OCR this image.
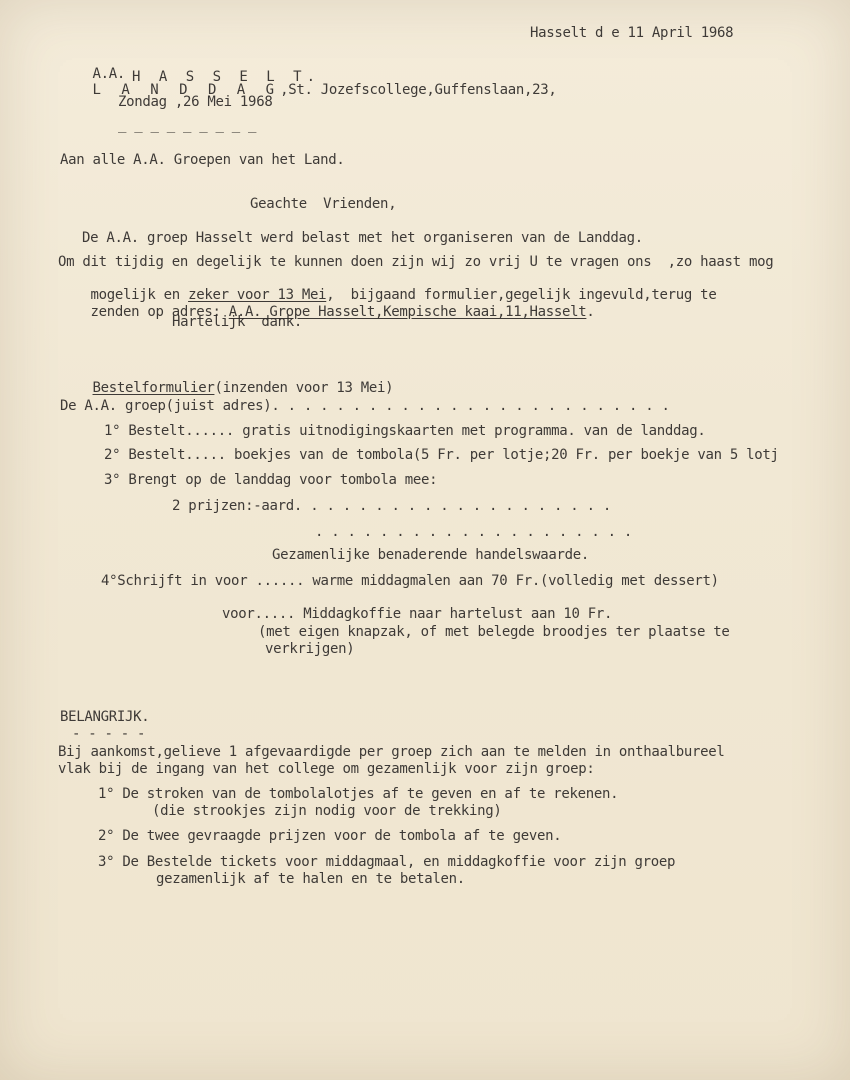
Hasselt d e 11 April 1968

A.A.
L A N D D A G,St. Jozefscollege,Guffenslaan,23,

H A S S E L T.
Zondag ,26 Mei 1968
_ _ _ _ _ _ _ _ _
Aan alle A.A. Groepen van het Land.
Geachte  Vrienden,
De A.A. groep Hasselt werd belast met het organiseren van de Landdag.
Om dit tijdig en degelijk te kunnen doen zijn wij zo vrij U te vragen ons  ,zo haast mog

mogelijk en zeker voor 13 Mei,  bijgaand formulier,gegelijk ingevuld,terug te

zenden op adres: A.A. Grope Hasselt,Kempische kaai,11,Hasselt.

Hartelijk  dank.

Bestelformulier(inzenden voor 13 Mei)

De A.A. groep(juist adres). . . . . . . . . . . . . . . . . . . . . . . . .
1° Bestelt...... gratis uitnodigingskaarten met programma. van de landdag.
2° Bestelt..... boekjes van de tombola(5 Fr. per lotje;20 Fr. per boekje van 5 lotj
3° Brengt op de landdag voor tombola mee:
2 prijzen:-aard. . . . . . . . . . . . . . . . . . . .
. . . . . . . . . . . . . . . . . . . .
Gezamenlijke benaderende handelswaarde.
4°Schrijft in voor ...... warme middagmalen aan 70 Fr.(volledig met dessert)
voor..... Middagkoffie naar hartelust aan 10 Fr.
(met eigen knapzak, of met belegde broodjes ter plaatse te
verkrijgen)
BELANGRIJK.
- - - - -
Bij aankomst,gelieve 1 afgevaardigde per groep zich aan te melden in onthaalbureel
vlak bij de ingang van het college om gezamenlijk voor zijn groep:
1° De stroken van de tombolalotjes af te geven en af te rekenen.
(die strookjes zijn nodig voor de trekking)
2° De twee gevraagde prijzen voor de tombola af te geven.
3° De Bestelde tickets voor middagmaal, en middagkoffie voor zijn groep
gezamenlijk af te halen en te betalen.
